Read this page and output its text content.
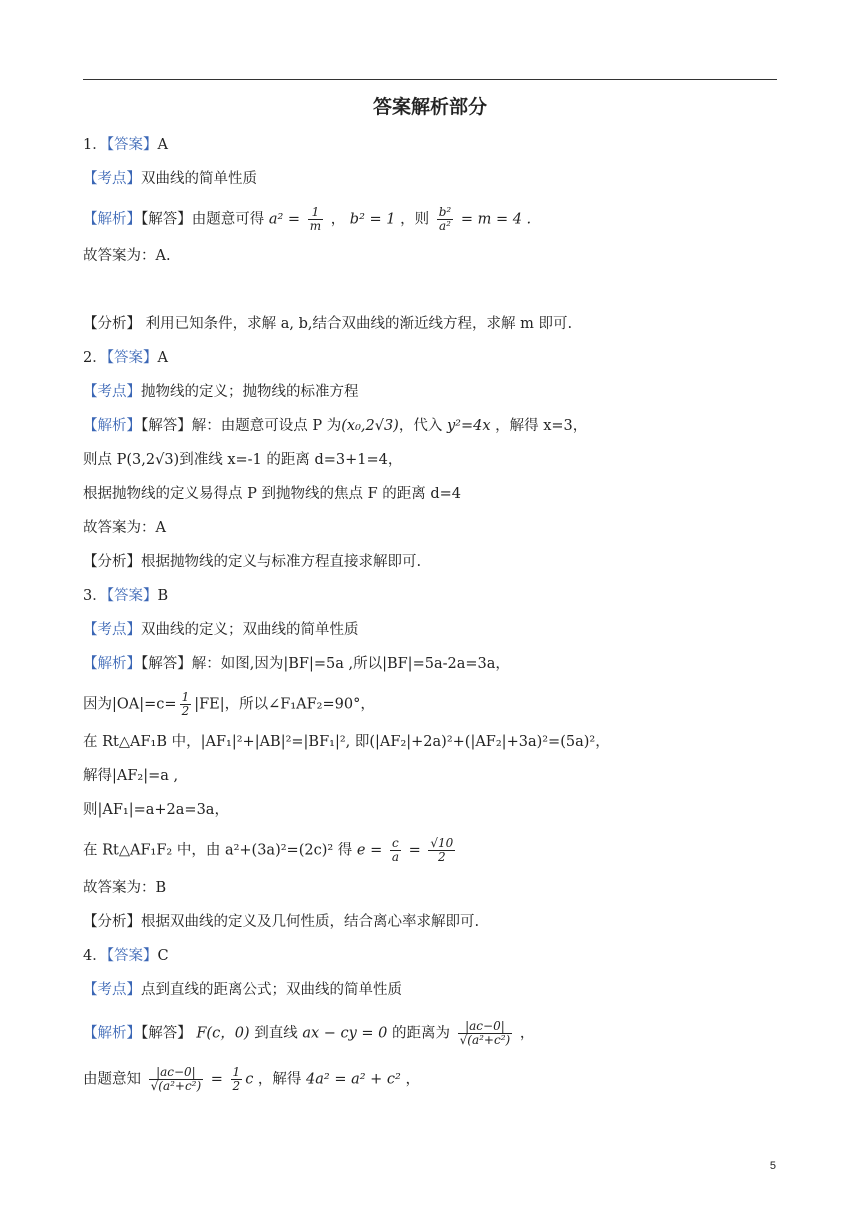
答案解析部分
1．【答案】A
【考点】双曲线的简单性质
【解析】【解答】由题意可得 $a^2 = \frac{1}{m}$ ， b² = 1 ，则 $\frac{\text{b²}}{\text{a²}} = m = 4$ .
故答案为：A.
【分析】 利用已知条件，求解 a, b,结合双曲线的渐近线方程，求解 m 即可.
2．【答案】A
【考点】抛物线的定义；抛物线的标准方程
【解析】【解答】解：由题意可设点 P 为(x₀,2√3)，代入 y²=4x ，解得 x=3，
则点 P(3,2√3)到准线 x=-1 的距离 d=3+1=4，
根据抛物线的定义易得点 P 到抛物线的焦点 F 的距离 d=4
故答案为：A
【分析】根据抛物线的定义与标准方程直接求解即可.
3．【答案】B
【考点】双曲线的定义；双曲线的简单性质
【解析】【解答】解：如图,因为|BF|=5a ,所以|BF|=5a-2a=3a，
因为$|OA|=c= \frac{1}{2} |FE|$，所以∠F₁AF₂=90°，
在 Rt△AF₁B 中，|AF₁|²+|AB|²=|BF₁|², 即(|AF₂|+2a)²+(|AF₂|+3a)²=(5a)²，
解得|AF₂|=a ,
则|AF₁|=a+2a=3a，
在 Rt△AF₁F₂ 中，由 a²+(3a)²=(2c)² 得 $e = \frac{c}{a} = \frac{√10}{2}$
故答案为：B
【分析】根据双曲线的定义及几何性质，结合离心率求解即可.
4．【答案】C
【考点】点到直线的距离公式；双曲线的简单性质
【解析】【解答】 F(c，0) 到直线 ax − cy = 0 的距离为 $\frac{|ac-0|}{\text{√(a²+c²)}}$ ，
由题意知 $\frac{|ac-0|}{\text{√(a²+c²)}} = \frac{1}{2}$ c ，解得 4a² = a² + c² ，
5
